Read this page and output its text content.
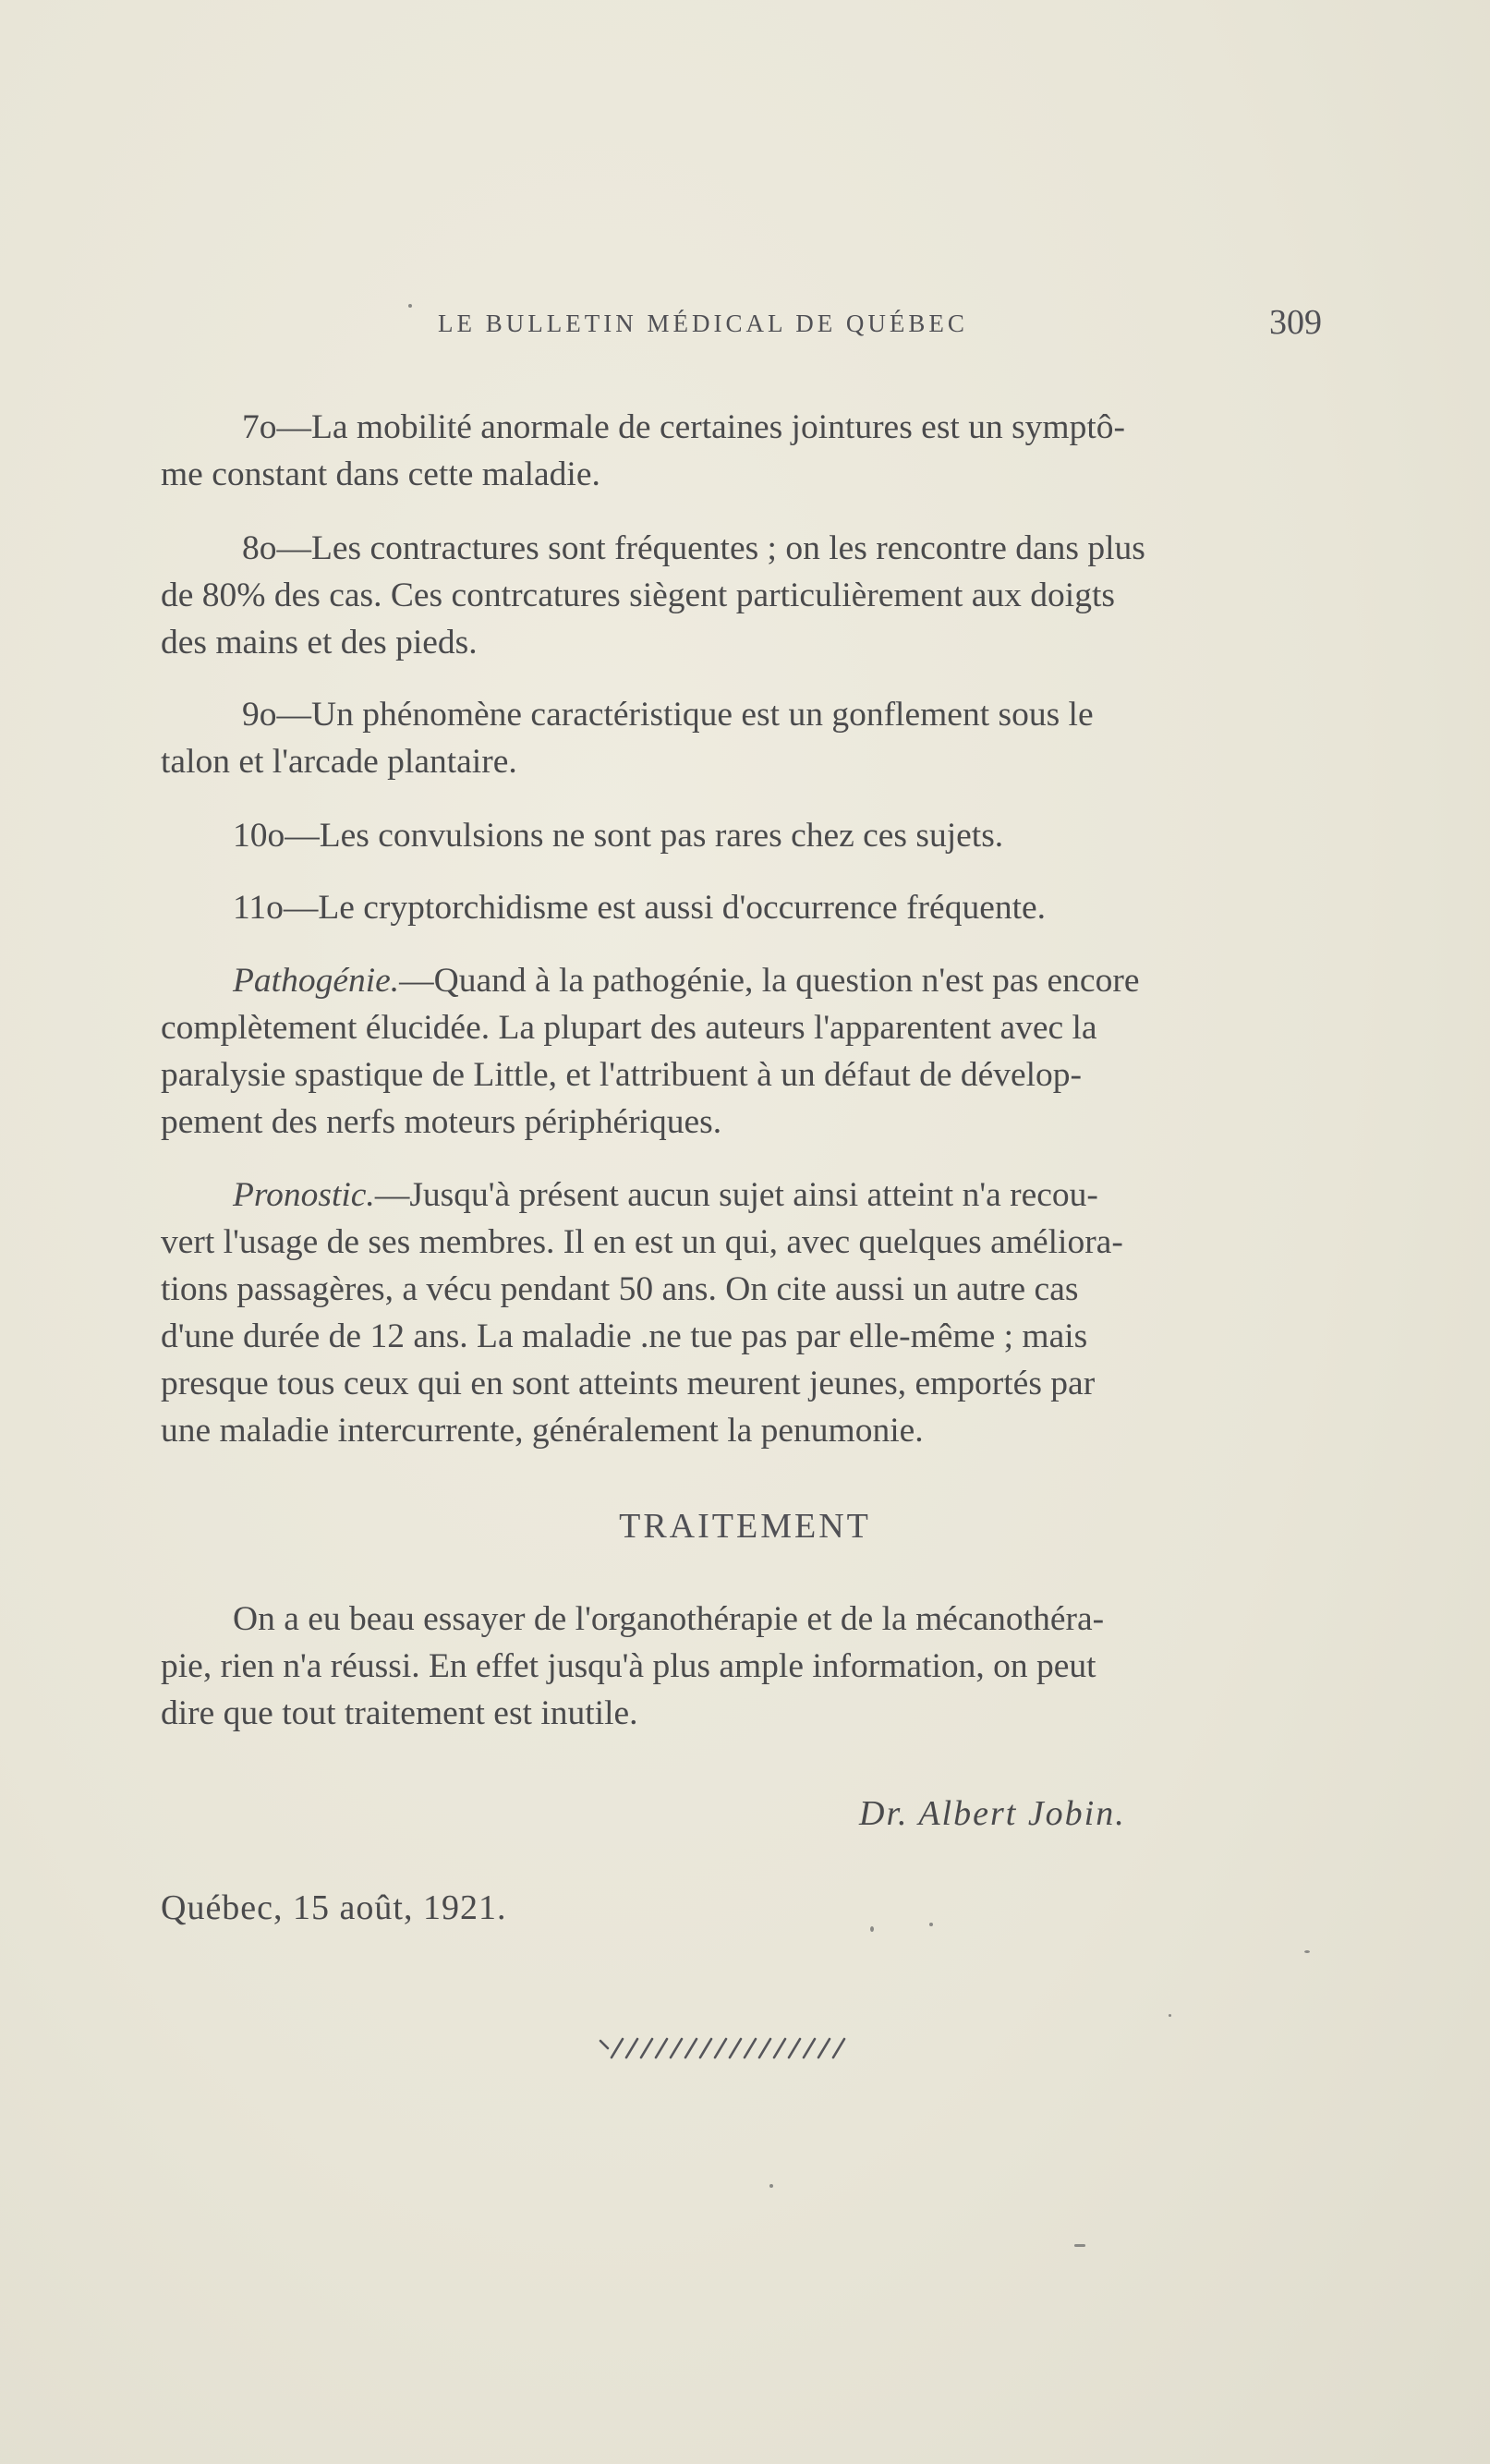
LE BULLETIN MÉDICAL DE QUÉBEC	309
7o—La mobilité anormale de certaines jointures est un symptô-
me constant dans cette maladie.
8o—Les contractures sont fréquentes ; on les rencontre dans plus
de 80% des cas. Ces contrcatures siègent particulièrement aux doigts
des mains et des pieds.
9o—Un phénomène caractéristique est un gonflement sous le
talon et l'arcade plantaire.
10o—Les convulsions ne sont pas rares chez ces sujets.
11o—Le cryptorchidisme est aussi d'occurrence fréquente.
Pathogénie.—Quand à la pathogénie, la question n'est pas encore
complètement élucidée. La plupart des auteurs l'apparentent avec la
paralysie spastique de Little, et l'attribuent à un défaut de dévelop-
pement des nerfs moteurs périphériques.
Pronostic.—Jusqu'à présent aucun sujet ainsi atteint n'a recou-
vert l'usage de ses membres. Il en est un qui, avec quelques améliora-
tions passagères, a vécu pendant 50 ans. On cite aussi un autre cas
d'une durée de 12 ans. La maladie .ne tue pas par elle-même ; mais
presque tous ceux qui en sont atteints meurent jeunes, emportés par
une maladie intercurrente, généralement la penumonie.
TRAITEMENT
On a eu beau essayer de l'organothérapie et de la mécanothéra-
pie, rien n'a réussi. En effet jusqu'à plus ample information, on peut
dire que tout traitement est inutile.
Dr. Albert Jobin.
Québec, 15 août, 1921.
